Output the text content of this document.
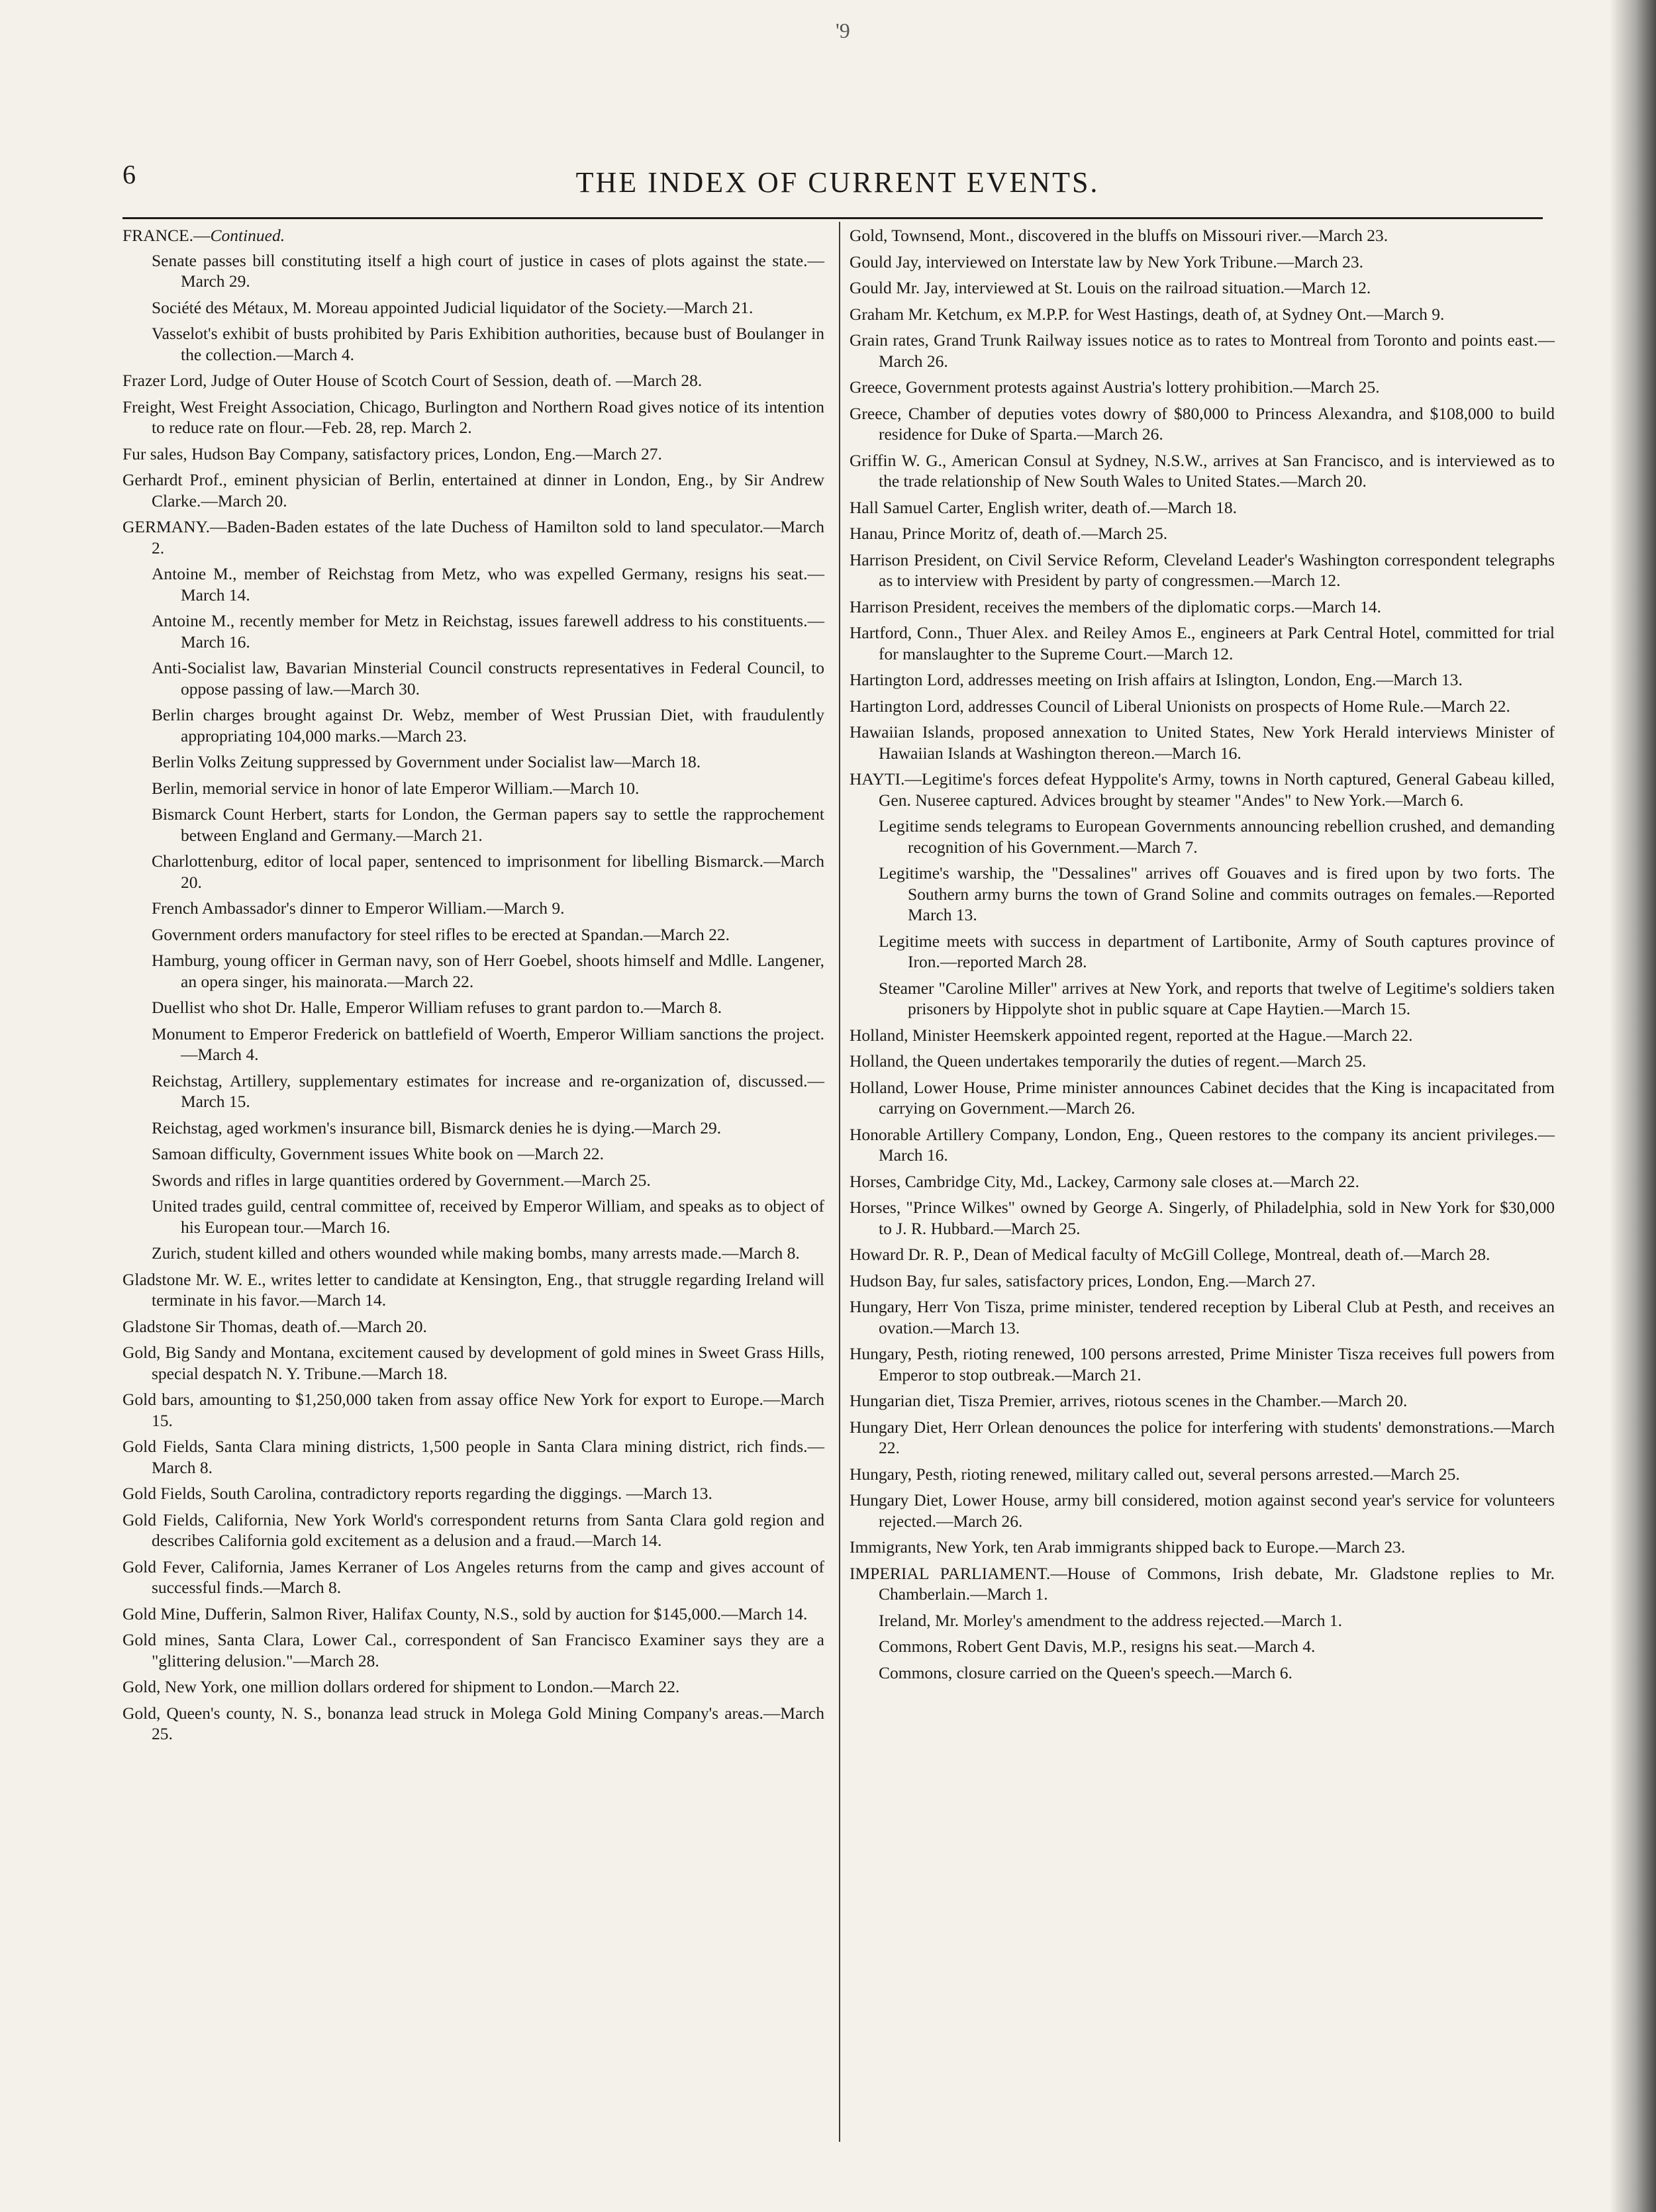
'9
6	THE INDEX OF CURRENT EVENTS.
FRANCE.—Continued.
Senate passes bill constituting itself a high court of justice in cases of plots against the state.—March 29.
Société des Métaux, M. Moreau appointed Judicial liquidator of the Society.—March 21.
Vasselot's exhibit of busts prohibited by Paris Exhibition authorities, because bust of Boulanger in the collection.—March 4.
Frazer Lord, Judge of Outer House of Scotch Court of Session, death of. —March 28.
Freight, West Freight Association, Chicago, Burlington and Northern Road gives notice of its intention to reduce rate on flour.—Feb. 28, rep. March 2.
Fur sales, Hudson Bay Company, satisfactory prices, London, Eng.—March 27.
Gerhardt Prof., eminent physician of Berlin, entertained at dinner in London, Eng., by Sir Andrew Clarke.—March 20.
GERMANY.—Baden-Baden estates of the late Duchess of Hamilton sold to land speculator.—March 2.
Antoine M., member of Reichstag from Metz, who was expelled Germany, resigns his seat.—March 14.
Antoine M., recently member for Metz in Reichstag, issues farewell address to his constituents.—March 16.
Anti-Socialist law, Bavarian Minsterial Council constructs representatives in Federal Council, to oppose passing of law.—March 30.
Berlin charges brought against Dr. Webz, member of West Prussian Diet, with fraudulently appropriating 104,000 marks.—March 23.
Berlin Volks Zeitung suppressed by Government under Socialist law—March 18.
Berlin, memorial service in honor of late Emperor William.—March 10.
Bismarck Count Herbert, starts for London, the German papers say to settle the rapprochement between England and Germany.—March 21.
Charlottenburg, editor of local paper, sentenced to imprisonment for libelling Bismarck.—March 20.
French Ambassador's dinner to Emperor William.—March 9.
Government orders manufactory for steel rifles to be erected at Spandan.—March 22.
Hamburg, young officer in German navy, son of Herr Goebel, shoots himself and Mdlle. Langener, an opera singer, his mainorata.—March 22.
Duellist who shot Dr. Halle, Emperor William refuses to grant pardon to.—March 8.
Monument to Emperor Frederick on battlefield of Woerth, Emperor William sanctions the project.—March 4.
Reichstag, Artillery, supplementary estimates for increase and re-organization of, discussed.—March 15.
Reichstag, aged workmen's insurance bill, Bismarck denies he is dying.—March 29.
Samoan difficulty, Government issues White book on —March 22.
Swords and rifles in large quantities ordered by Government.—March 25.
United trades guild, central committee of, received by Emperor William, and speaks as to object of his European tour.—March 16.
Zurich, student killed and others wounded while making bombs, many arrests made.—March 8.
Gladstone Mr. W. E., writes letter to candidate at Kensington, Eng., that struggle regarding Ireland will terminate in his favor.—March 14.
Gladstone Sir Thomas, death of.—March 20.
Gold, Big Sandy and Montana, excitement caused by development of gold mines in Sweet Grass Hills, special despatch N. Y. Tribune.—March 18.
Gold bars, amounting to $1,250,000 taken from assay office New York for export to Europe.—March 15.
Gold Fields, Santa Clara mining districts, 1,500 people in Santa Clara mining district, rich finds.—March 8.
Gold Fields, South Carolina, contradictory reports regarding the diggings. —March 13.
Gold Fields, California, New York World's correspondent returns from Santa Clara gold region and describes California gold excitement as a delusion and a fraud.—March 14.
Gold Fever, California, James Kerraner of Los Angeles returns from the camp and gives account of successful finds.—March 8.
Gold Mine, Dufferin, Salmon River, Halifax County, N.S., sold by auction for $145,000.—March 14.
Gold mines, Santa Clara, Lower Cal., correspondent of San Francisco Examiner says they are a "glittering delusion."—March 28.
Gold, New York, one million dollars ordered for shipment to London.—March 22.
Gold, Queen's county, N. S., bonanza lead struck in Molega Gold Mining Company's areas.—March 25.
Gold, Townsend, Mont., discovered in the bluffs on Missouri river.—March 23.
Gould Jay, interviewed on Interstate law by New York Tribune.—March 23.
Gould Mr. Jay, interviewed at St. Louis on the railroad situation.—March 12.
Graham Mr. Ketchum, ex M.P.P. for West Hastings, death of, at Sydney Ont.—March 9.
Grain rates, Grand Trunk Railway issues notice as to rates to Montreal from Toronto and points east.—March 26.
Greece, Government protests against Austria's lottery prohibition.—March 25.
Greece, Chamber of deputies votes dowry of $80,000 to Princess Alexandra, and $108,000 to build residence for Duke of Sparta.—March 26.
Griffin W. G., American Consul at Sydney, N.S.W., arrives at San Francisco, and is interviewed as to the trade relationship of New South Wales to United States.—March 20.
Hall Samuel Carter, English writer, death of.—March 18.
Hanau, Prince Moritz of, death of.—March 25.
Harrison President, on Civil Service Reform, Cleveland Leader's Washington correspondent telegraphs as to interview with President by party of congressmen.—March 12.
Harrison President, receives the members of the diplomatic corps.—March 14.
Hartford, Conn., Thuer Alex. and Reiley Amos E., engineers at Park Central Hotel, committed for trial for manslaughter to the Supreme Court.—March 12.
Hartington Lord, addresses meeting on Irish affairs at Islington, London, Eng.—March 13.
Hartington Lord, addresses Council of Liberal Unionists on prospects of Home Rule.—March 22.
Hawaiian Islands, proposed annexation to United States, New York Herald interviews Minister of Hawaiian Islands at Washington thereon.—March 16.
HAYTI.—Legitime's forces defeat Hyppolite's Army, towns in North captured, General Gabeau killed, Gen. Nuseree captured. Advices brought by steamer "Andes" to New York.—March 6.
Legitime sends telegrams to European Governments announcing rebellion crushed, and demanding recognition of his Government.—March 7.
Legitime's warship, the "Dessalines" arrives off Gouaves and is fired upon by two forts. The Southern army burns the town of Grand Soline and commits outrages on females.—Reported March 13.
Legitime meets with success in department of Lartibonite, Army of South captures province of Iron.—reported March 28.
Steamer "Caroline Miller" arrives at New York, and reports that twelve of Legitime's soldiers taken prisoners by Hippolyte shot in public square at Cape Haytien.—March 15.
Holland, Minister Heemskerk appointed regent, reported at the Hague.—March 22.
Holland, the Queen undertakes temporarily the duties of regent.—March 25.
Holland, Lower House, Prime minister announces Cabinet decides that the King is incapacitated from carrying on Government.—March 26.
Honorable Artillery Company, London, Eng., Queen restores to the company its ancient privileges.—March 16.
Horses, Cambridge City, Md., Lackey, Carmony sale closes at.—March 22.
Horses, "Prince Wilkes" owned by George A. Singerly, of Philadelphia, sold in New York for $30,000 to J. R. Hubbard.—March 25.
Howard Dr. R. P., Dean of Medical faculty of McGill College, Montreal, death of.—March 28.
Hudson Bay, fur sales, satisfactory prices, London, Eng.—March 27.
Hungary, Herr Von Tisza, prime minister, tendered reception by Liberal Club at Pesth, and receives an ovation.—March 13.
Hungary, Pesth, rioting renewed, 100 persons arrested, Prime Minister Tisza receives full powers from Emperor to stop outbreak.—March 21.
Hungarian diet, Tisza Premier, arrives, riotous scenes in the Chamber.—March 20.
Hungary Diet, Herr Orlean denounces the police for interfering with students' demonstrations.—March 22.
Hungary, Pesth, rioting renewed, military called out, several persons arrested.—March 25.
Hungary Diet, Lower House, army bill considered, motion against second year's service for volunteers rejected.—March 26.
Immigrants, New York, ten Arab immigrants shipped back to Europe.—March 23.
IMPERIAL PARLIAMENT.—House of Commons, Irish debate, Mr. Gladstone replies to Mr. Chamberlain.—March 1.
Ireland, Mr. Morley's amendment to the address rejected.—March 1.
Commons, Robert Gent Davis, M.P., resigns his seat.—March 4.
Commons, closure carried on the Queen's speech.—March 6.
